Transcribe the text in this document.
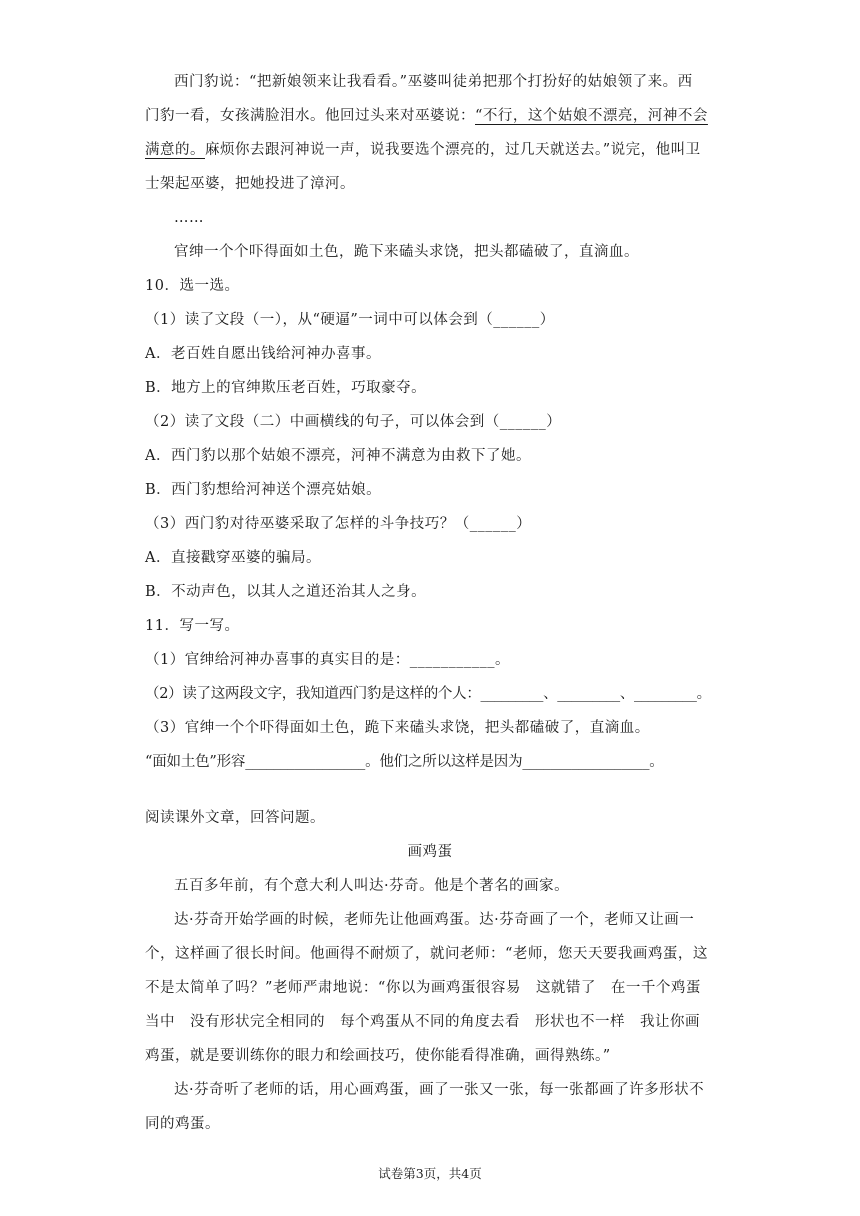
西门豹说：“把新娘领来让我看看。”巫婆叫徒弟把那个打扮好的姑娘领了来。西
门豹一看，女孩满脸泪水。他回过头来对巫婆说：“不行，这个姑娘不漂亮，河神不会
满意的。麻烦你去跟河神说一声，说我要选个漂亮的，过几天就送去。”说完，他叫卫
士架起巫婆，把她投进了漳河。
……
官绅一个个吓得面如土色，跪下来磕头求饶，把头都磕破了，直滴血。
10．选一选。
（1）读了文段（一），从“硬逼”一词中可以体会到（______）
A．老百姓自愿出钱给河神办喜事。
B．地方上的官绅欺压老百姓，巧取豪夺。
（2）读了文段（二）中画横线的句子，可以体会到（______）
A．西门豹以那个姑娘不漂亮，河神不满意为由救下了她。
B．西门豹想给河神送个漂亮姑娘。
（3）西门豹对待巫婆采取了怎样的斗争技巧？（______）
A．直接戳穿巫婆的骗局。
B．不动声色，以其人之道还治其人之身。
11．写一写。
（1）官绅给河神办喜事的真实目的是：___________。
（2）读了这两段文字，我知道西门豹是这样的个人：_________、_________、_________。
（3）官绅一个个吓得面如土色，跪下来磕头求饶，把头都磕破了，直滴血。
“面如土色”形容_________________。他们之所以这样是因为__________________。
阅读课外文章，回答问题。
画鸡蛋
五百多年前，有个意大利人叫达·芬奇。他是个著名的画家。
达·芬奇开始学画的时候，老师先让他画鸡蛋。达·芬奇画了一个，老师又让画一
个，这样画了很长时间。他画得不耐烦了，就问老师：“老师，您天天要我画鸡蛋，这
不是太简单了吗？”老师严肃地说：“你以为画鸡蛋很容易　这就错了　在一千个鸡蛋
当中　没有形状完全相同的　每个鸡蛋从不同的角度去看　形状也不一样　我让你画
鸡蛋，就是要训练你的眼力和绘画技巧，使你能看得准确，画得熟练。”
达·芬奇听了老师的话，用心画鸡蛋，画了一张又一张，每一张都画了许多形状不
同的鸡蛋。
试卷第3页，共4页
